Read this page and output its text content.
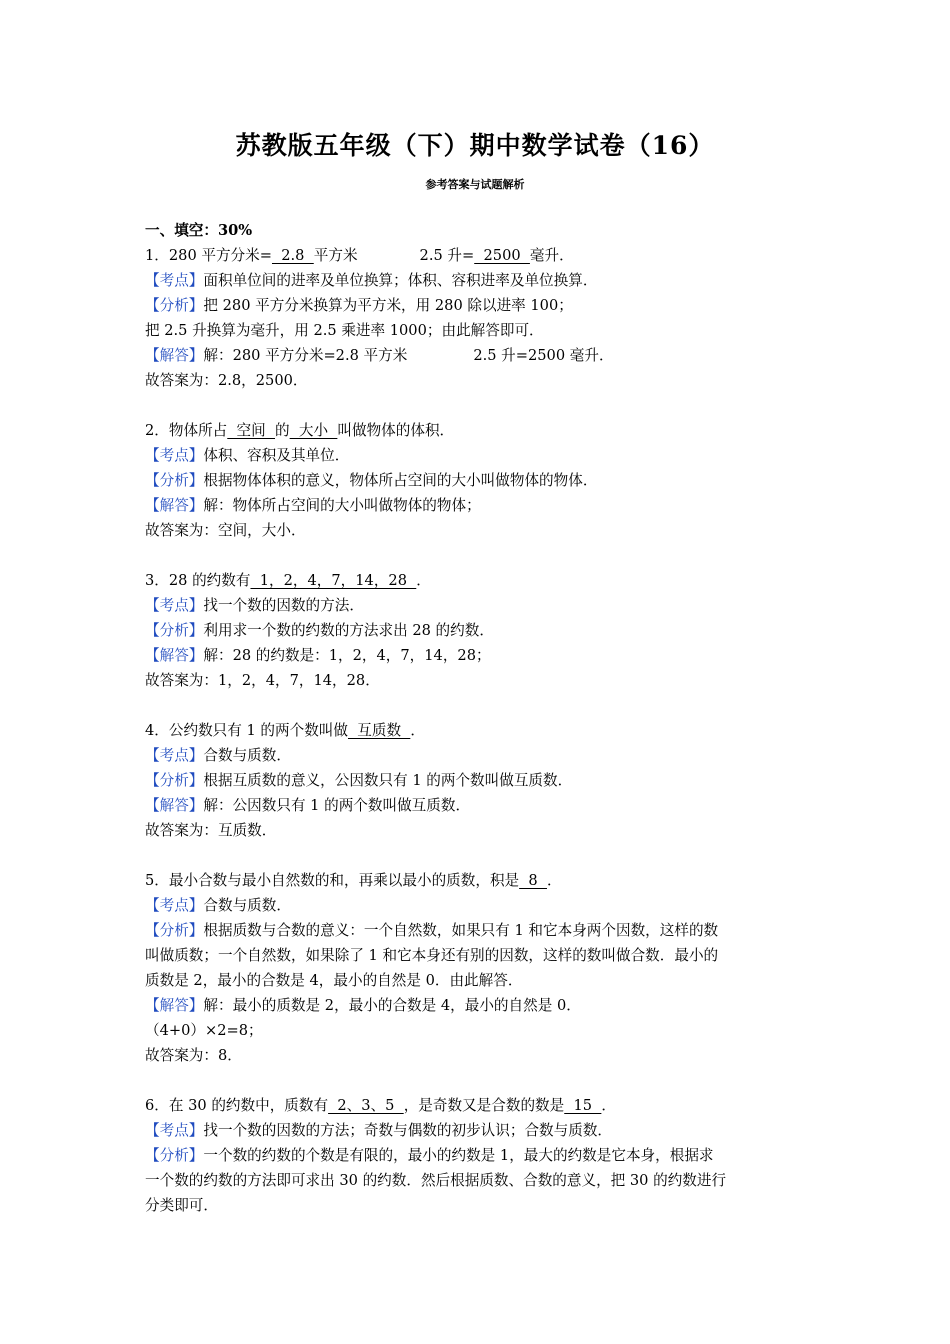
苏教版五年级（下）期中数学试卷（16）
参考答案与试题解析
一、填空：30%
1．280 平方分米=  2.8  平方米	2.5 升=  2500  毫升．
【考点】面积单位间的进率及单位换算；体积、容积进率及单位换算．
【分析】把 280 平方分米换算为平方米，用 280 除以进率 100；
把 2.5 升换算为毫升，用 2.5 乘进率 1000；由此解答即可．
【解答】解：280 平方分米=2.8 平方米	2.5 升=2500 毫升．
故答案为：2.8，2500．
2．物体所占  空间  的  大小  叫做物体的体积．
【考点】体积、容积及其单位．
【分析】根据物体体积的意义，物体所占空间的大小叫做物体的物体．
【解答】解：物体所占空间的大小叫做物体的物体；
故答案为：空间，大小．
3．28 的约数有  1，2，4，7，14，28  ．
【考点】找一个数的因数的方法．
【分析】利用求一个数的约数的方法求出 28 的约数．
【解答】解：28 的约数是：1，2，4，7，14，28；
故答案为：1，2，4，7，14，28．
4．公约数只有 1 的两个数叫做  互质数  ．
【考点】合数与质数．
【分析】根据互质数的意义，公因数只有 1 的两个数叫做互质数．
【解答】解：公因数只有 1 的两个数叫做互质数．
故答案为：互质数．
5．最小合数与最小自然数的和，再乘以最小的质数，积是  8  ．
【考点】合数与质数．
【分析】根据质数与合数的意义：一个自然数，如果只有 1 和它本身两个因数，这样的数
叫做质数；一个自然数，如果除了 1 和它本身还有别的因数，这样的数叫做合数．最小的
质数是 2，最小的合数是 4，最小的自然是 0．由此解答．
【解答】解：最小的质数是 2，最小的合数是 4，最小的自然是 0．
（4+0）×2=8；
故答案为：8．
6．在 30 的约数中，质数有  2、3、5  ，是奇数又是合数的数是  15  ．
【考点】找一个数的因数的方法；奇数与偶数的初步认识；合数与质数．
【分析】一个数的约数的个数是有限的，最小的约数是 1，最大的约数是它本身，根据求
一个数的约数的方法即可求出 30 的约数．然后根据质数、合数的意义，把 30 的约数进行
分类即可．
